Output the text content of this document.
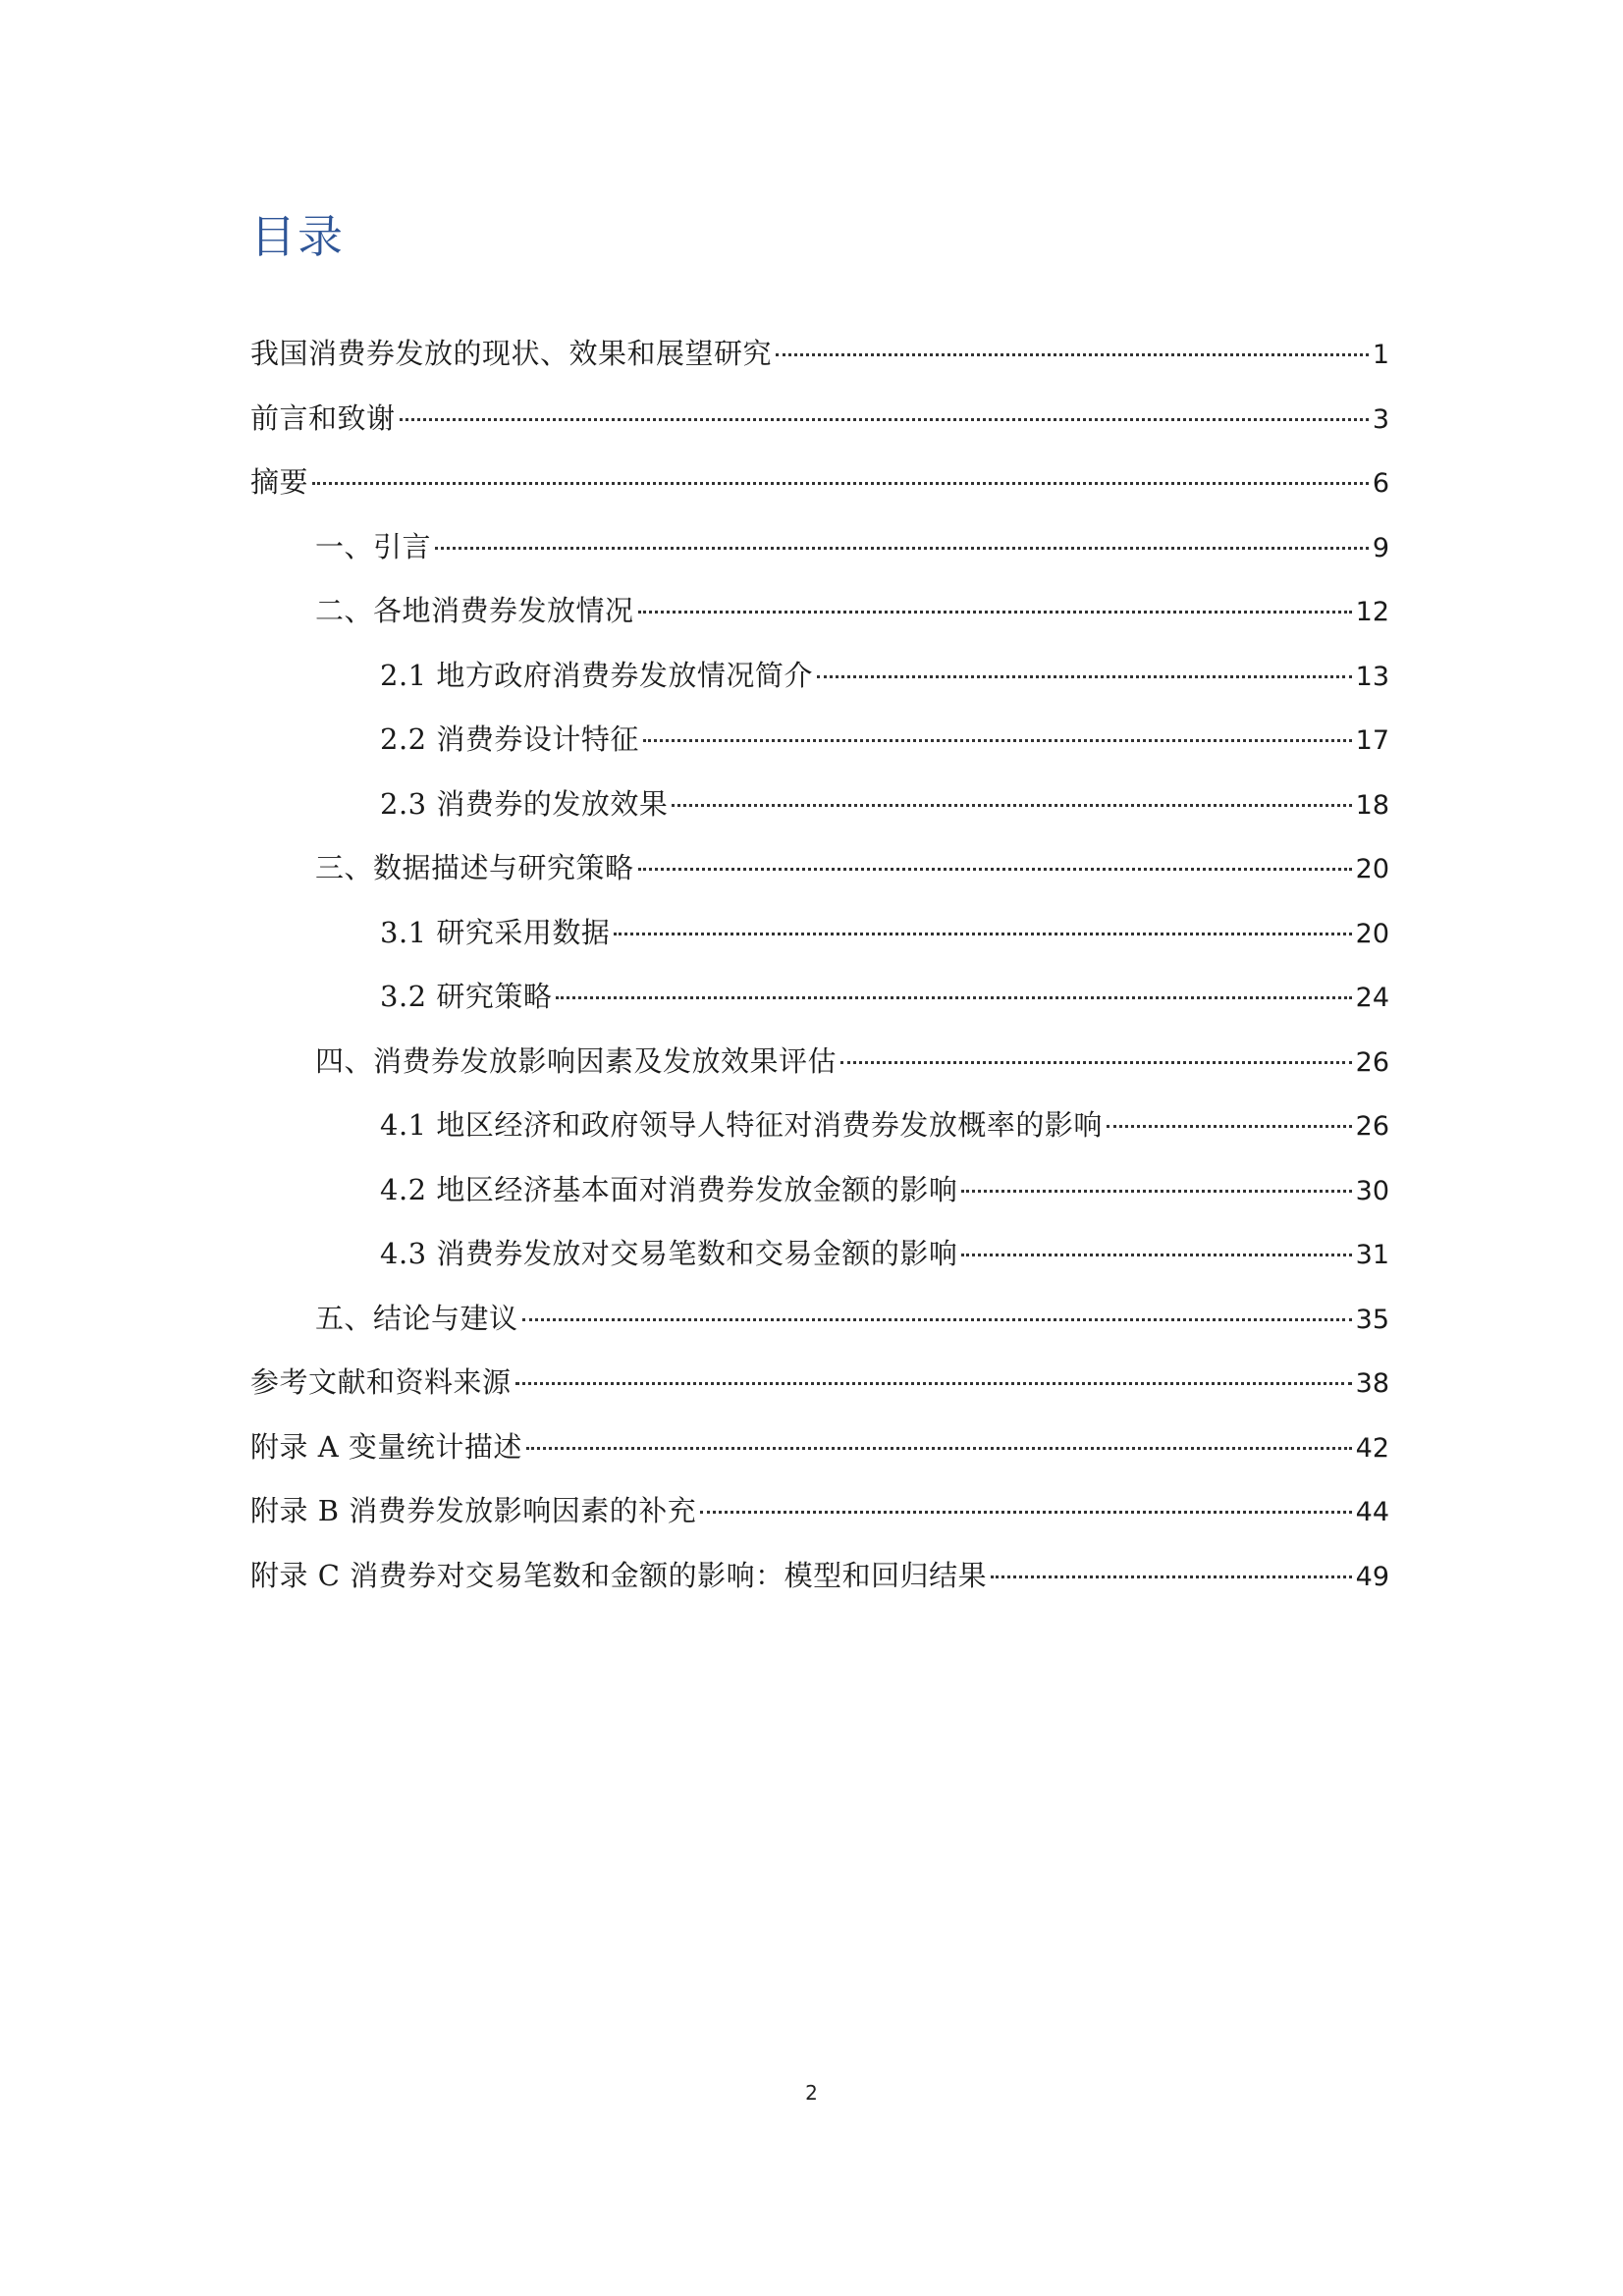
目录
我国消费券发放的现状、效果和展望研究	1
前言和致谢	3
摘要	6
一、引言	9
二、各地消费券发放情况	12
2.1 地方政府消费券发放情况简介	13
2.2 消费券设计特征	17
2.3 消费券的发放效果	18
三、数据描述与研究策略	20
3.1 研究采用数据	20
3.2 研究策略	24
四、消费券发放影响因素及发放效果评估	26
4.1 地区经济和政府领导人特征对消费券发放概率的影响	26
4.2 地区经济基本面对消费券发放金额的影响	30
4.3 消费券发放对交易笔数和交易金额的影响	31
五、结论与建议	35
参考文献和资料来源	38
附录 A 变量统计描述	42
附录 B 消费券发放影响因素的补充	44
附录 C 消费券对交易笔数和金额的影响：模型和回归结果	49
2
